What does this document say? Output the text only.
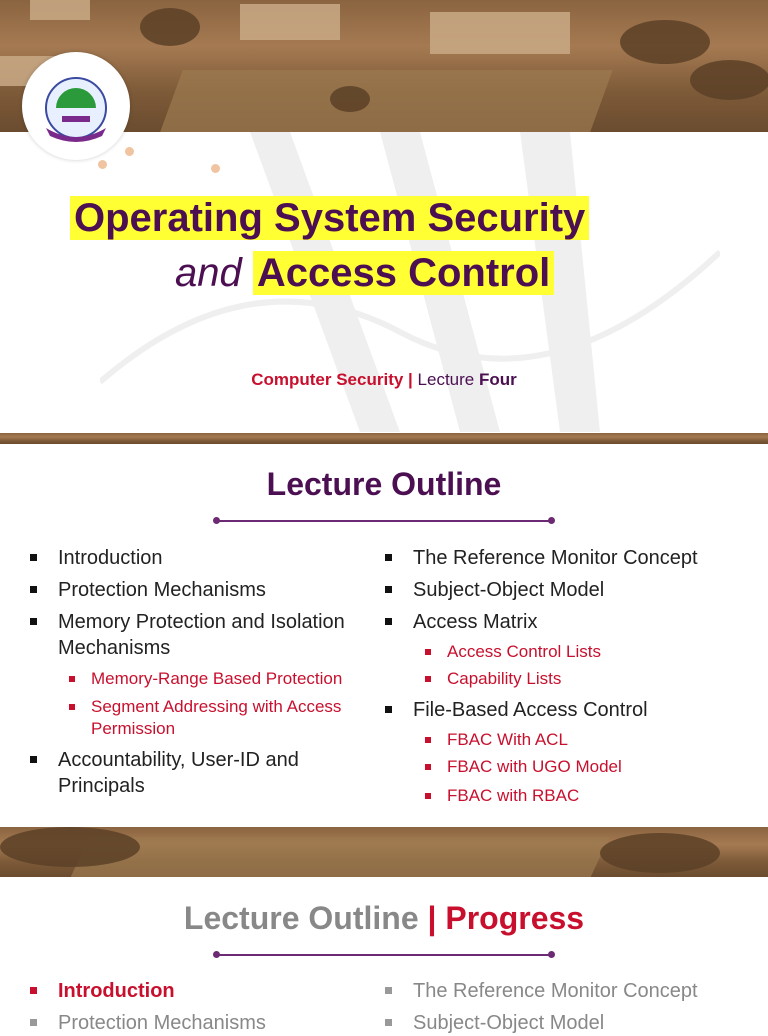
Operating System Security
and Access Control
Computer Security | Lecture Four
Lecture Outline
Introduction
Protection Mechanisms
Memory Protection and Isolation Mechanisms
Memory-Range Based Protection
Segment Addressing with Access Permission
Accountability, User-ID and Principals
The Reference Monitor Concept
Subject-Object Model
Access Matrix
Access Control Lists
Capability Lists
File-Based Access Control
FBAC With ACL
FBAC with UGO Model
FBAC with RBAC
Lecture Outline | Progress
Introduction
Protection Mechanisms
The Reference Monitor Concept
Subject-Object Model
